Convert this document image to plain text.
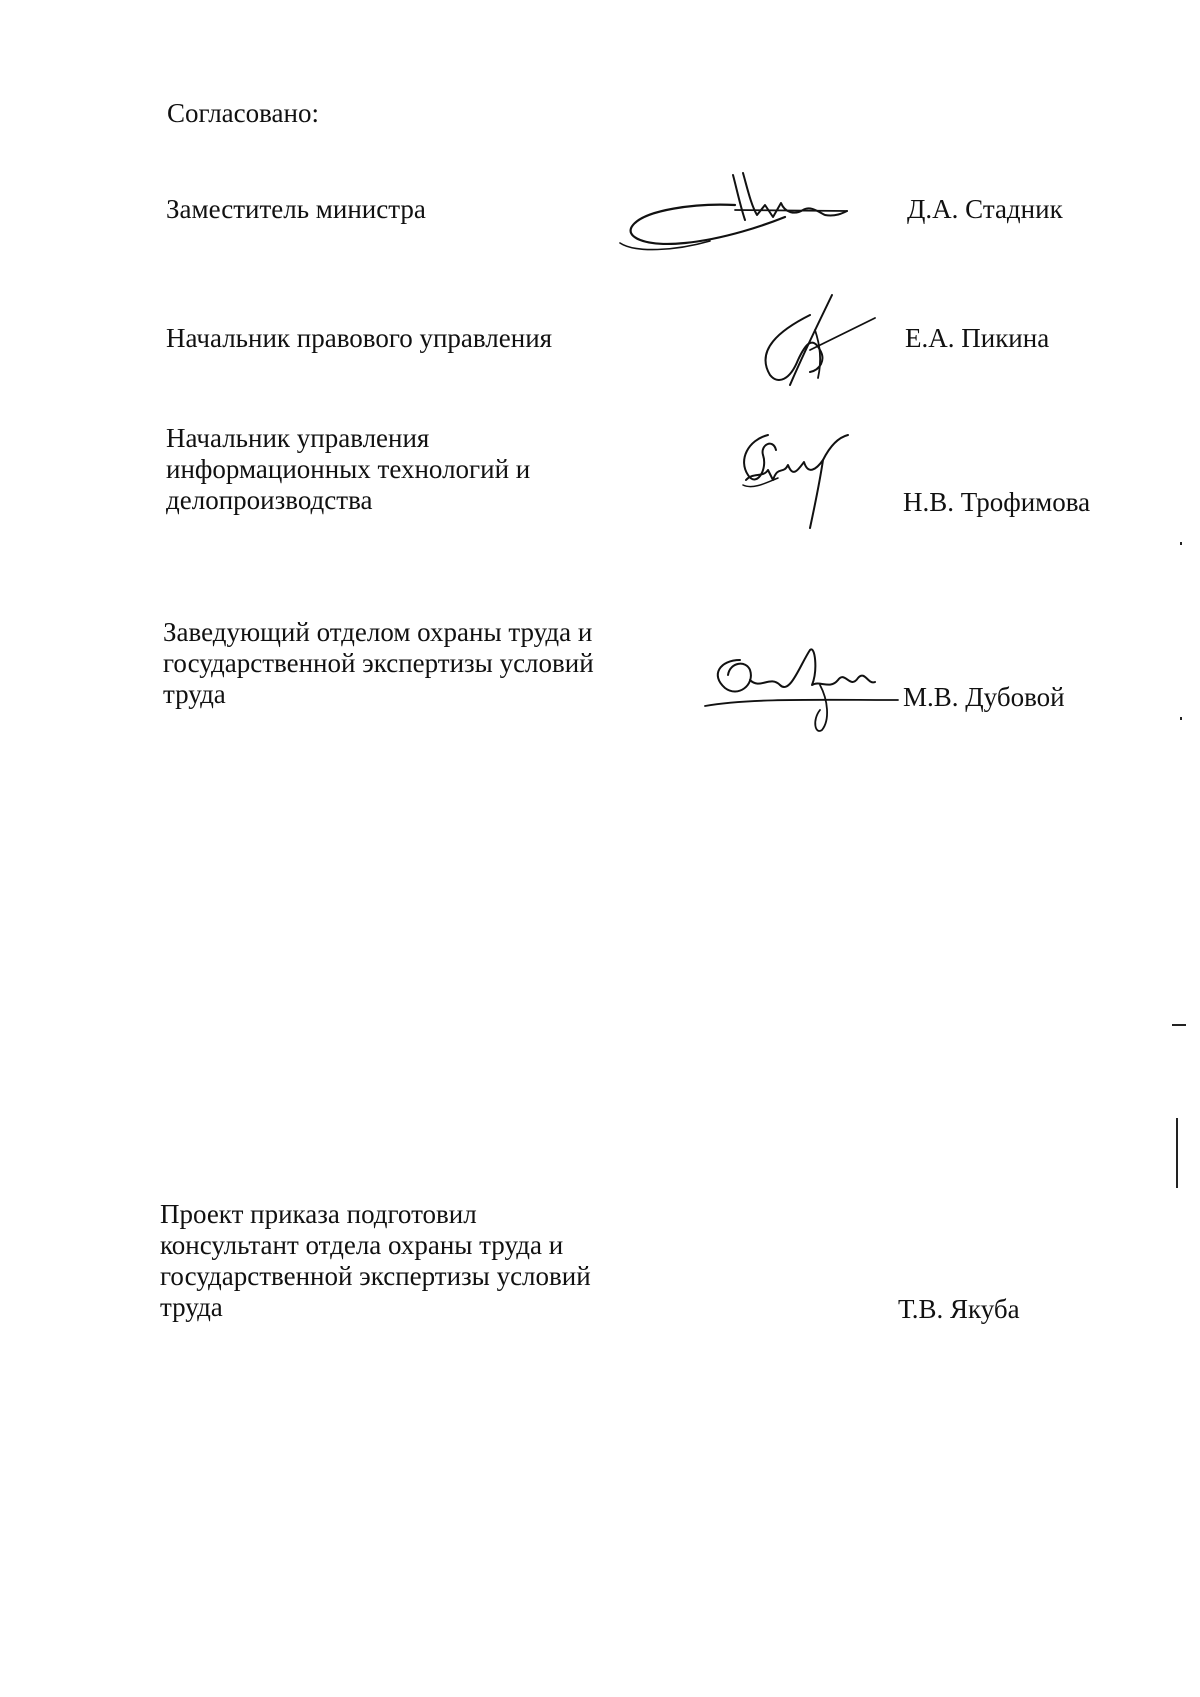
Согласовано:
Заместитель министра	Д.А. Стадник
Начальник правового управления	Е.А. Пикина
Начальник управления
информационных технологий и
делопроизводства	Н.В. Трофимова
Заведующий отделом охраны труда и
государственной экспертизы условий
труда	М.В. Дубовой
Проект приказа подготовил
консультант отдела охраны труда и
государственной экспертизы условий
труда	Т.В. Якуба
